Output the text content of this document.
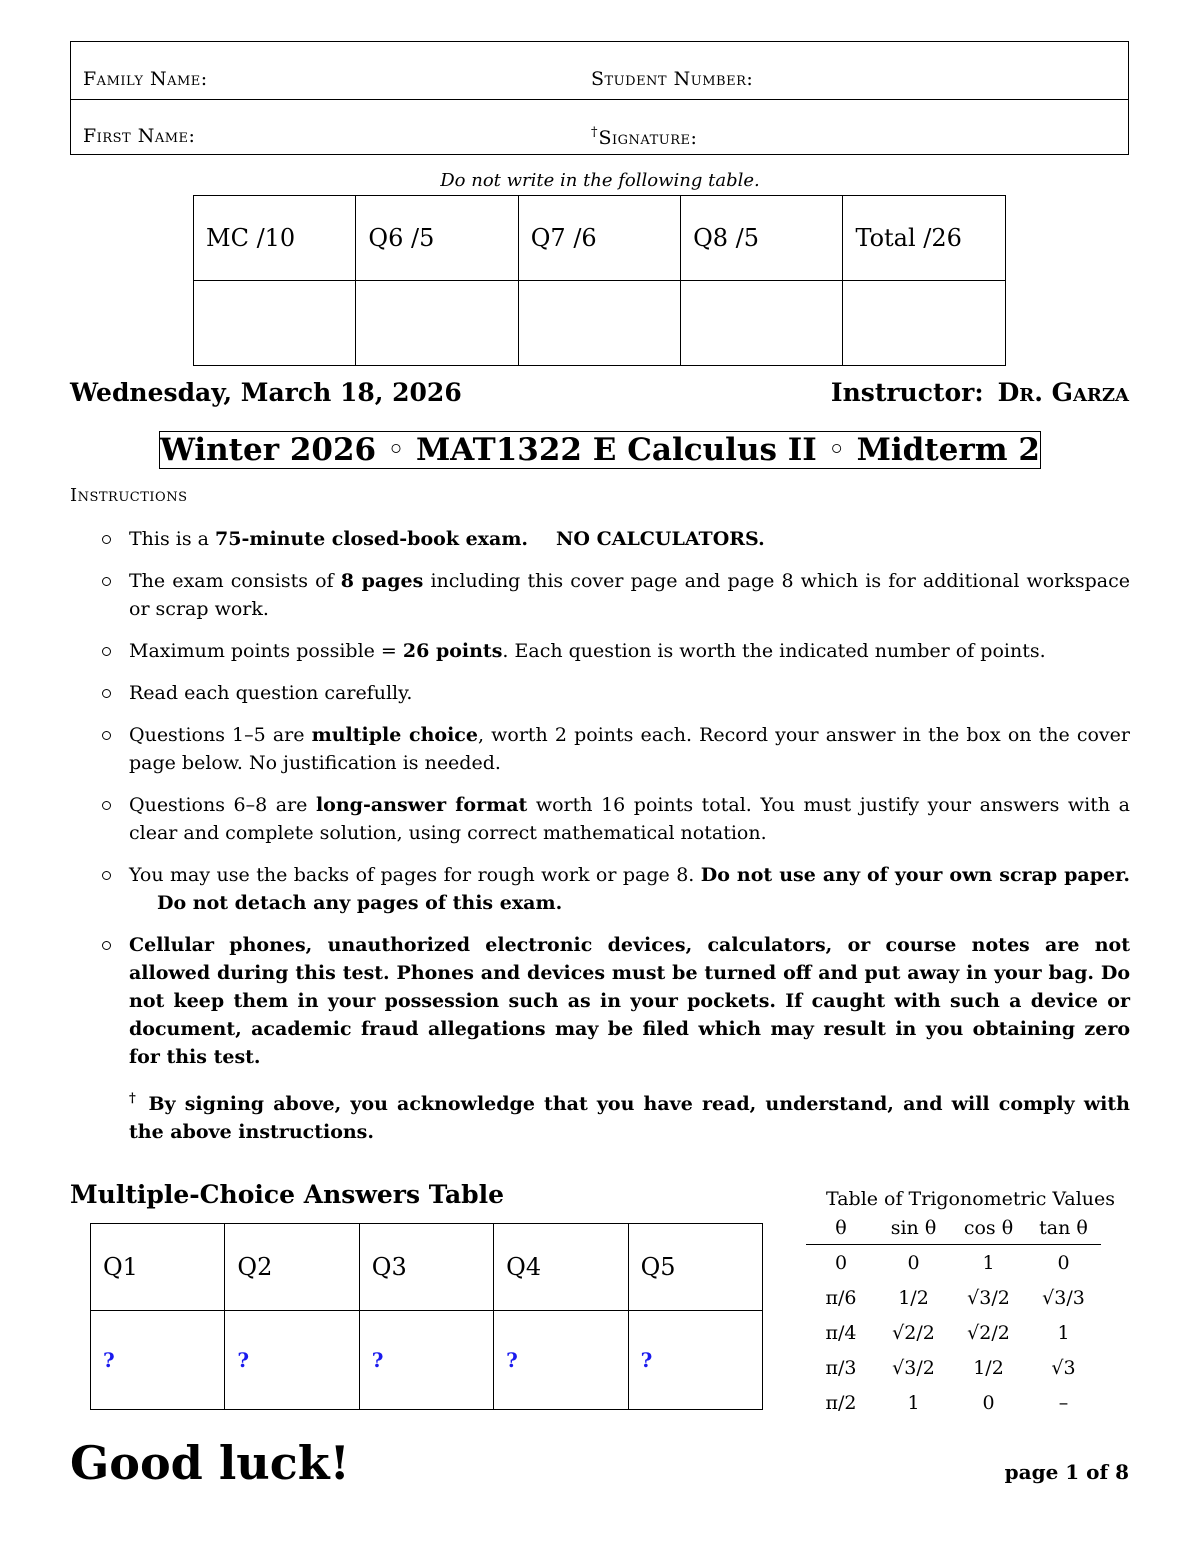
Family Name:	Student Number:
First Name:	†Signature:
Do not write in the following table.
MC /10	Q6 /5	Q7 /6	Q8 /5	Total /26

Wednesday, March 18, 2026	Instructor: Dr. Garza
Winter 2026 ◦ MAT1322 E Calculus II ◦ Midterm 2
Instructions
This is a 75-minute closed-book exam. NO CALCULATORS.
The exam consists of 8 pages including this cover page and page 8 which is for additional workspace or scrap work.
Maximum points possible = 26 points. Each question is worth the indicated number of points.
Read each question carefully.
Questions 1–5 are multiple choice, worth 2 points each. Record your answer in the box on the cover page below. No justification is needed.
Questions 6–8 are long-answer format worth 16 points total. You must justify your answers with a clear and complete solution, using correct mathematical notation.
You may use the backs of pages for rough work or page 8. Do not use any of your own scrap paper.Do not detach any pages of this exam.
Cellular phones, unauthorized electronic devices, calculators, or course notes are not allowed during this test. Phones and devices must be turned off and put away in your bag. Do not keep them in your possession such as in your pockets. If caught with such a device or document, academic fraud allegations may be filed which may result in you obtaining zero for this test.
† By signing above, you acknowledge that you have read, understand, and will comply with the above instructions.
Multiple-Choice Answers Table
Q1	Q2	Q3	Q4	Q5
?	?	?	?	?
Table of Trigonometric Values
θ	sin θ	cos θ	tan θ
0	0	1	0
π/6	1/2	√3/2	√3/3
π/4	√2/2	√2/2	1
π/3	√3/2	1/2	√3
π/2	1	0	–
Good luck!	page 1 of 8
